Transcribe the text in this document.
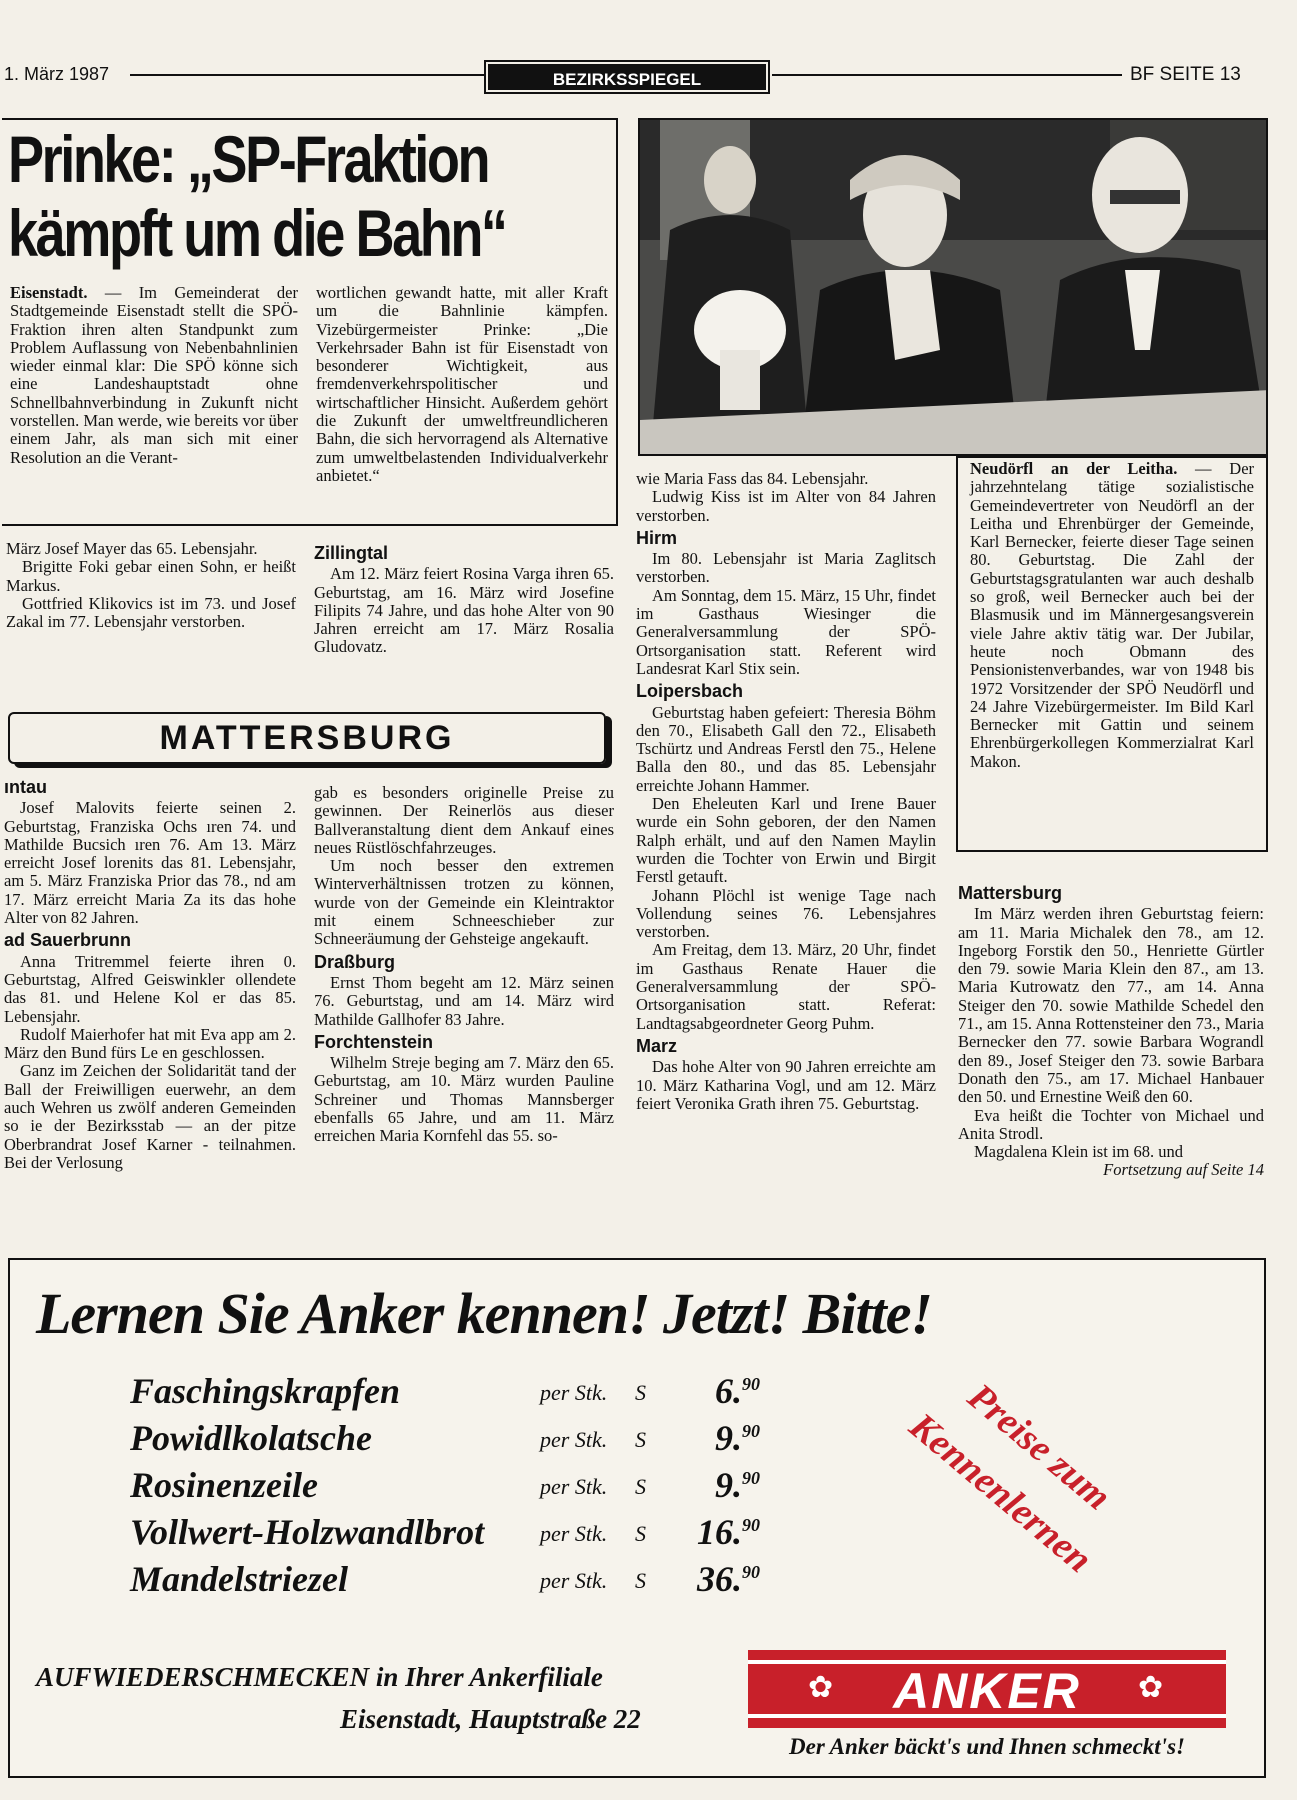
1. März 1987	BEZIRKSSPIEGEL	BF SEITE 13
Prinke: „SP-Fraktion
kämpft um die Bahn“

Eisenstadt. — Im Gemeinderat der Stadtgemeinde Eisenstadt stellt die SPÖ-Fraktion ihren alten Standpunkt zum Problem Auflassung von Nebenbahnlinien wieder einmal klar: Die SPÖ könne sich eine Landeshauptstadt ohne Schnellbahnverbindung in Zukunft nicht vorstellen. Man werde, wie bereits vor über einem Jahr, als man sich mit einer Resolution an die Verant-

wortlichen gewandt hatte, mit aller Kraft um die Bahnlinie kämpfen. Vizebürgermeister Prinke: „Die Verkehrsader Bahn ist für Eisenstadt von besonderer Wichtigkeit, aus fremdenverkehrspolitischer und wirtschaftlicher Hinsicht. Außerdem gehört die Zukunft der umweltfreundlicheren Bahn, die sich hervorragend als Alternative zum umweltbelastenden Individualverkehr anbietet.“

März Josef Mayer das 65. Lebensjahr.

Brigitte Foki gebar einen Sohn, er heißt Markus.

Gottfried Klikovics ist im 73. und Josef Zakal im 77. Lebensjahr verstorben.

Zillingtal

Am 12. März feiert Rosina Varga ihren 65. Geburtstag, am 16. März wird Josefine Filipits 74 Jahre, und das hohe Alter von 90 Jahren erreicht am 17. März Rosalia Gludovatz.

MATTERSBURG
ıntau

Josef Malovits feierte seinen 2. Geburtstag, Franziska Ochs ıren 74. und Mathilde Bucsich ıren 76. Am 13. März erreicht Josef lorenits das 81. Lebensjahr, am 5. März Franziska Prior das 78., nd am 17. März erreicht Maria Za its das hohe Alter von 82 Jahren.

ad Sauerbrunn

Anna Tritremmel feierte ihren 0. Geburtstag, Alfred Geiswinkler ollendete das 81. und Helene Kol er das 85. Lebensjahr.

Rudolf Maierhofer hat mit Eva app am 2. März den Bund fürs Le en geschlossen.

Ganz im Zeichen der Solidarität tand der Ball der Freiwilligen euerwehr, an dem auch Wehren us zwölf anderen Gemeinden so ie der Bezirksstab — an der pitze Oberbrandrat Josef Karner - teilnahmen. Bei der Verlosung

gab es besonders originelle Preise zu gewinnen. Der Reinerlös aus dieser Ballveranstaltung dient dem Ankauf eines neues Rüstlöschfahrzeuges.

Um noch besser den extremen Winterverhältnissen trotzen zu können, wurde von der Gemeinde ein Kleintraktor mit einem Schneeschieber zur Schneeräumung der Gehsteige angekauft.

Draßburg

Ernst Thom begeht am 12. März seinen 76. Geburtstag, und am 14. März wird Mathilde Gallhofer 83 Jahre.

Forchtenstein

Wilhelm Streje beging am 7. März den 65. Geburtstag, am 10. März wurden Pauline Schreiner und Thomas Mannsberger ebenfalls 65 Jahre, und am 11. März erreichen Maria Kornfehl das 55. so-

wie Maria Fass das 84. Lebensjahr.

Ludwig Kiss ist im Alter von 84 Jahren verstorben.

Hirm

Im 80. Lebensjahr ist Maria Zaglitsch verstorben.

Am Sonntag, dem 15. März, 15 Uhr, findet im Gasthaus Wiesinger die Generalversammlung der SPÖ-Ortsorganisation statt. Referent wird Landesrat Karl Stix sein.

Loipersbach

Geburtstag haben gefeiert: Theresia Böhm den 70., Elisabeth Gall den 72., Elisabeth Tschürtz und Andreas Ferstl den 75., Helene Balla den 80., und das 85. Lebensjahr erreichte Johann Hammer.

Den Eheleuten Karl und Irene Bauer wurde ein Sohn geboren, der den Namen Ralph erhält, und auf den Namen Maylin wurden die Tochter von Erwin und Birgit Ferstl getauft.

Johann Plöchl ist wenige Tage nach Vollendung seines 76. Lebensjahres verstorben.

Am Freitag, dem 13. März, 20 Uhr, findet im Gasthaus Renate Hauer die Generalversammlung der SPÖ-Ortsorganisation statt. Referat: Landtagsabgeordneter Georg Puhm.

Marz

Das hohe Alter von 90 Jahren erreichte am 10. März Katharina Vogl, und am 12. März feiert Veronika Grath ihren 75. Geburtstag.

Neudörfl an der Leitha. — Der jahrzehntelang tätige sozialistische Gemeindevertreter von Neudörfl an der Leitha und Ehrenbürger der Gemeinde, Karl Bernecker, feierte dieser Tage seinen 80. Geburtstag. Die Zahl der Geburtstagsgratulanten war auch deshalb so groß, weil Bernecker auch bei der Blasmusik und im Männergesangsverein viele Jahre aktiv tätig war. Der Jubilar, heute noch Obmann des Pensionistenverbandes, war von 1948 bis 1972 Vorsitzender der SPÖ Neudörfl und 24 Jahre Vizebürgermeister. Im Bild Karl Bernecker mit Gattin und seinem Ehrenbürgerkollegen Kommerzialrat Karl Makon.

Mattersburg

Im März werden ihren Geburtstag feiern: am 11. Maria Michalek den 78., am 12. Ingeborg Forstik den 50., Henriette Gürtler den 79. sowie Maria Klein den 87., am 13. Maria Kutrowatz den 77., am 14. Anna Steiger den 70. sowie Mathilde Schedel den 71., am 15. Anna Rottensteiner den 73., Maria Bernecker den 77. sowie Barbara Wograndl den 89., Josef Steiger den 73. sowie Barbara Donath den 75., am 17. Michael Hanbauer den 50. und Ernestine Weiß den 60.

Eva heißt die Tochter von Michael und Anita Strodl.

Magdalena Klein ist im 68. und

Fortsetzung auf Seite 14

Lernen Sie Anker kennen! Jetzt! Bitte!
Faschingskrapfen	per Stk. S	6.90
Powidlkolatsche	per Stk. S	9.90
Rosinenzeile	per Stk. S	9.90
Vollwert-Holzwandlbrot	per Stk. S	16.90
Mandelstriezel	per Stk. S	36.90
Preise zum Kennenlernen
AUFWIEDERSCHMECKEN in Ihrer Ankerfiliale
Eisenstadt, Hauptstraße 22
✿	ANKER	✿
Der Anker bäckt's und Ihnen schmeckt's!
